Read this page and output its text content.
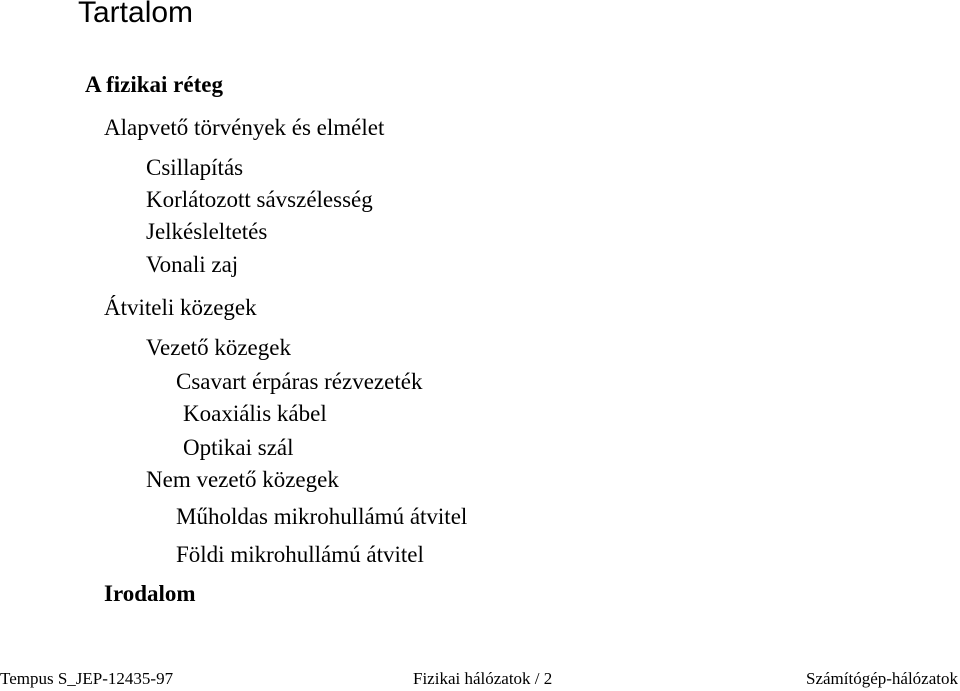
Tartalom
A fizikai réteg
Alapvető törvények és elmélet
Csillapítás
Korlátozott sávszélesség
Jelkésleltetés
Vonali zaj
Átviteli közegek
Vezető közegek
Csavart érpáras rézvezeték
Koaxiális kábel
Optikai szál
Nem vezető közegek
Műholdas mikrohullámú átvitel
Földi mikrohullámú átvitel
Irodalom
Tempus S_JEP-12435-97	Fizikai hálózatok / 2	Számítógép-hálózatok
